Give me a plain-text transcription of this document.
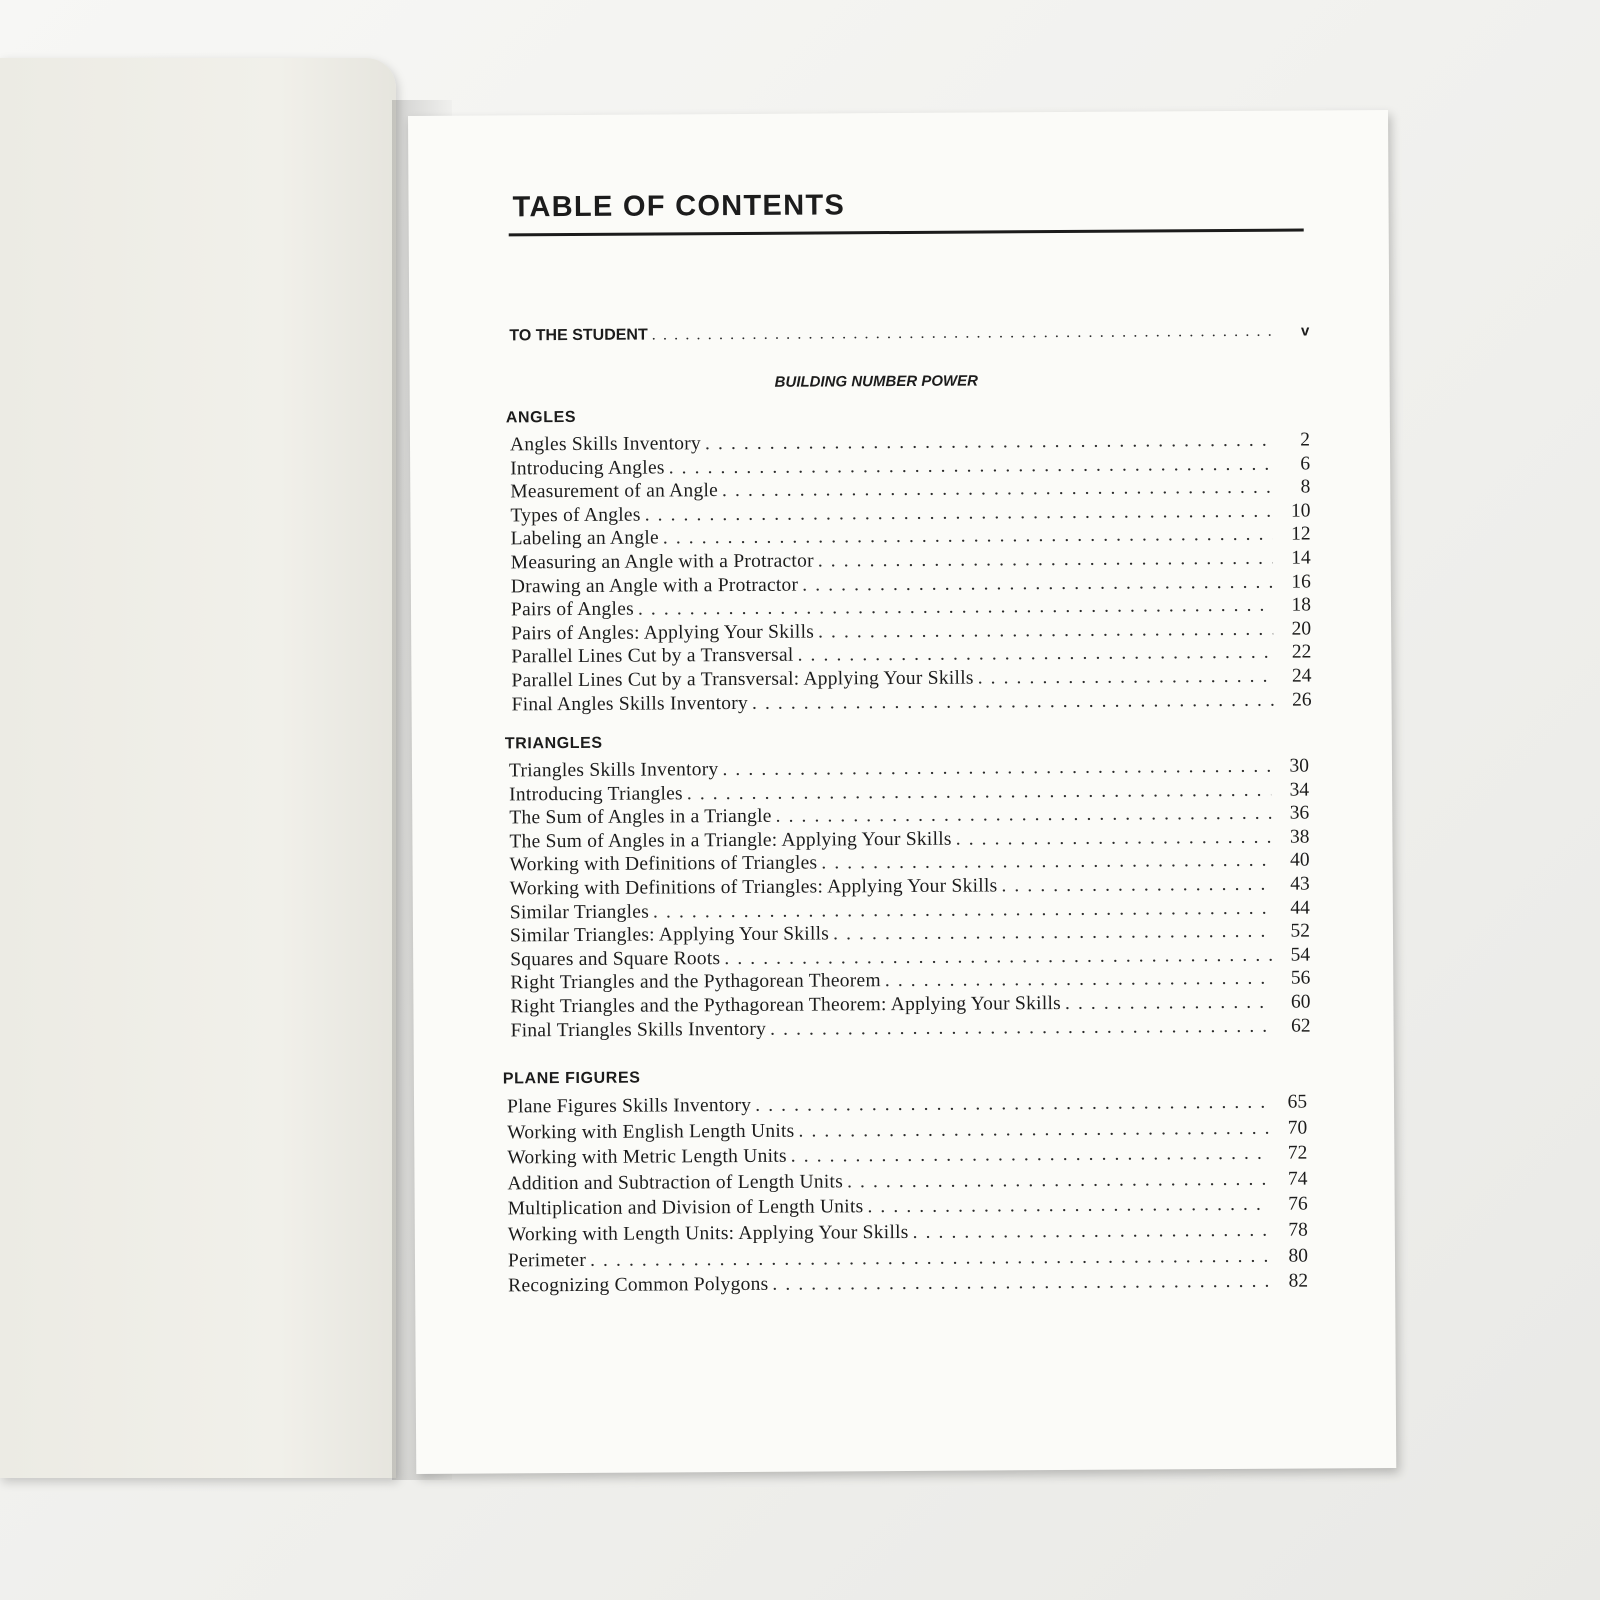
TABLE OF CONTENTS
TO THE STUDENT . . .	v
BUILDING NUMBER POWER
ANGLES
Angles Skills Inventory . . .	2
Introducing Angles . . .	6
Measurement of an Angle . . .	8
Types of Angles . . .	10
Labeling an Angle . . .	12
Measuring an Angle with a Protractor . . .	14
Drawing an Angle with a Protractor . . .	16
Pairs of Angles . . .	18
Pairs of Angles: Applying Your Skills . . .	20
Parallel Lines Cut by a Transversal . . .	22
Parallel Lines Cut by a Transversal: Applying Your Skills . . .	24
Final Angles Skills Inventory . . .	26
TRIANGLES
Triangles Skills Inventory . . .	30
Introducing Triangles . . .	34
The Sum of Angles in a Triangle . . .	36
The Sum of Angles in a Triangle: Applying Your Skills . . .	38
Working with Definitions of Triangles . . .	40
Working with Definitions of Triangles: Applying Your Skills . . .	43
Similar Triangles . . .	44
Similar Triangles: Applying Your Skills . . .	52
Squares and Square Roots . . .	54
Right Triangles and the Pythagorean Theorem . . .	56
Right Triangles and the Pythagorean Theorem: Applying Your Skills . . .	60
Final Triangles Skills Inventory . . .	62
PLANE FIGURES
Plane Figures Skills Inventory . . .	65
Working with English Length Units . . .	70
Working with Metric Length Units . . .	72
Addition and Subtraction of Length Units . . .	74
Multiplication and Division of Length Units . . .	76
Working with Length Units: Applying Your Skills . . .	78
Perimeter . . .	80
Recognizing Common Polygons . . .	82
